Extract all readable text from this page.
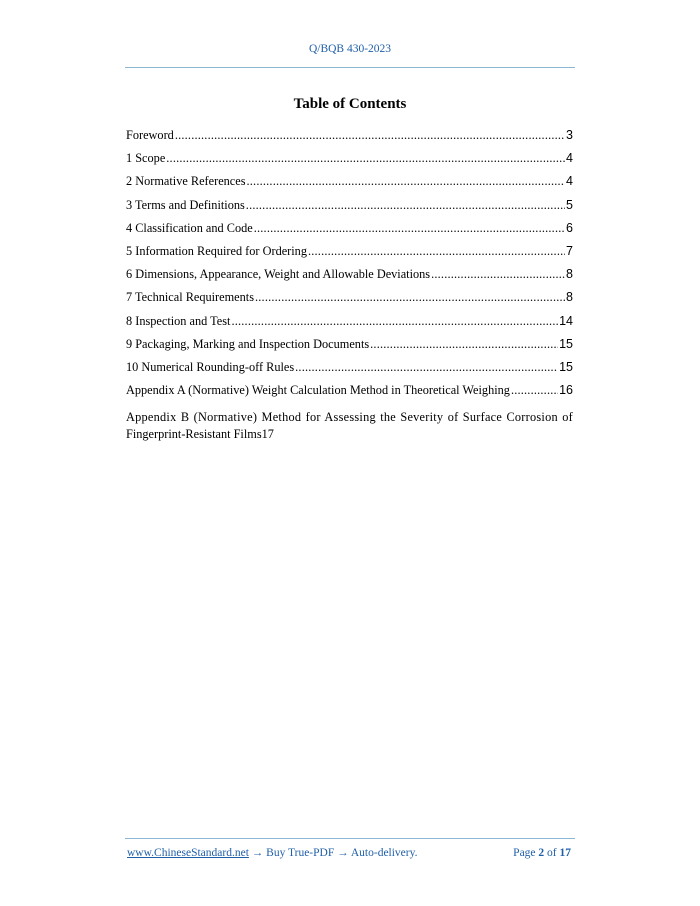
Q/BQB 430-2023
Table of Contents
Foreword .....	3
1 Scope .....	4
2 Normative References .....	4
3 Terms and Definitions .....	5
4 Classification and Code .....	6
5 Information Required for Ordering .....	7
6 Dimensions, Appearance, Weight and Allowable Deviations .....	8
7 Technical Requirements .....	8
8 Inspection and Test .....	14
9 Packaging, Marking and Inspection Documents .....	15
10 Numerical Rounding-off Rules .....	15
Appendix A (Normative) Weight Calculation Method in Theoretical Weighing .....	16
Appendix B (Normative) Method for Assessing the Severity of Surface Corrosion of
Fingerprint-Resistant Films 17
www.ChineseStandard.net → Buy True-PDF → Auto-delivery.	Page 2 of 17
